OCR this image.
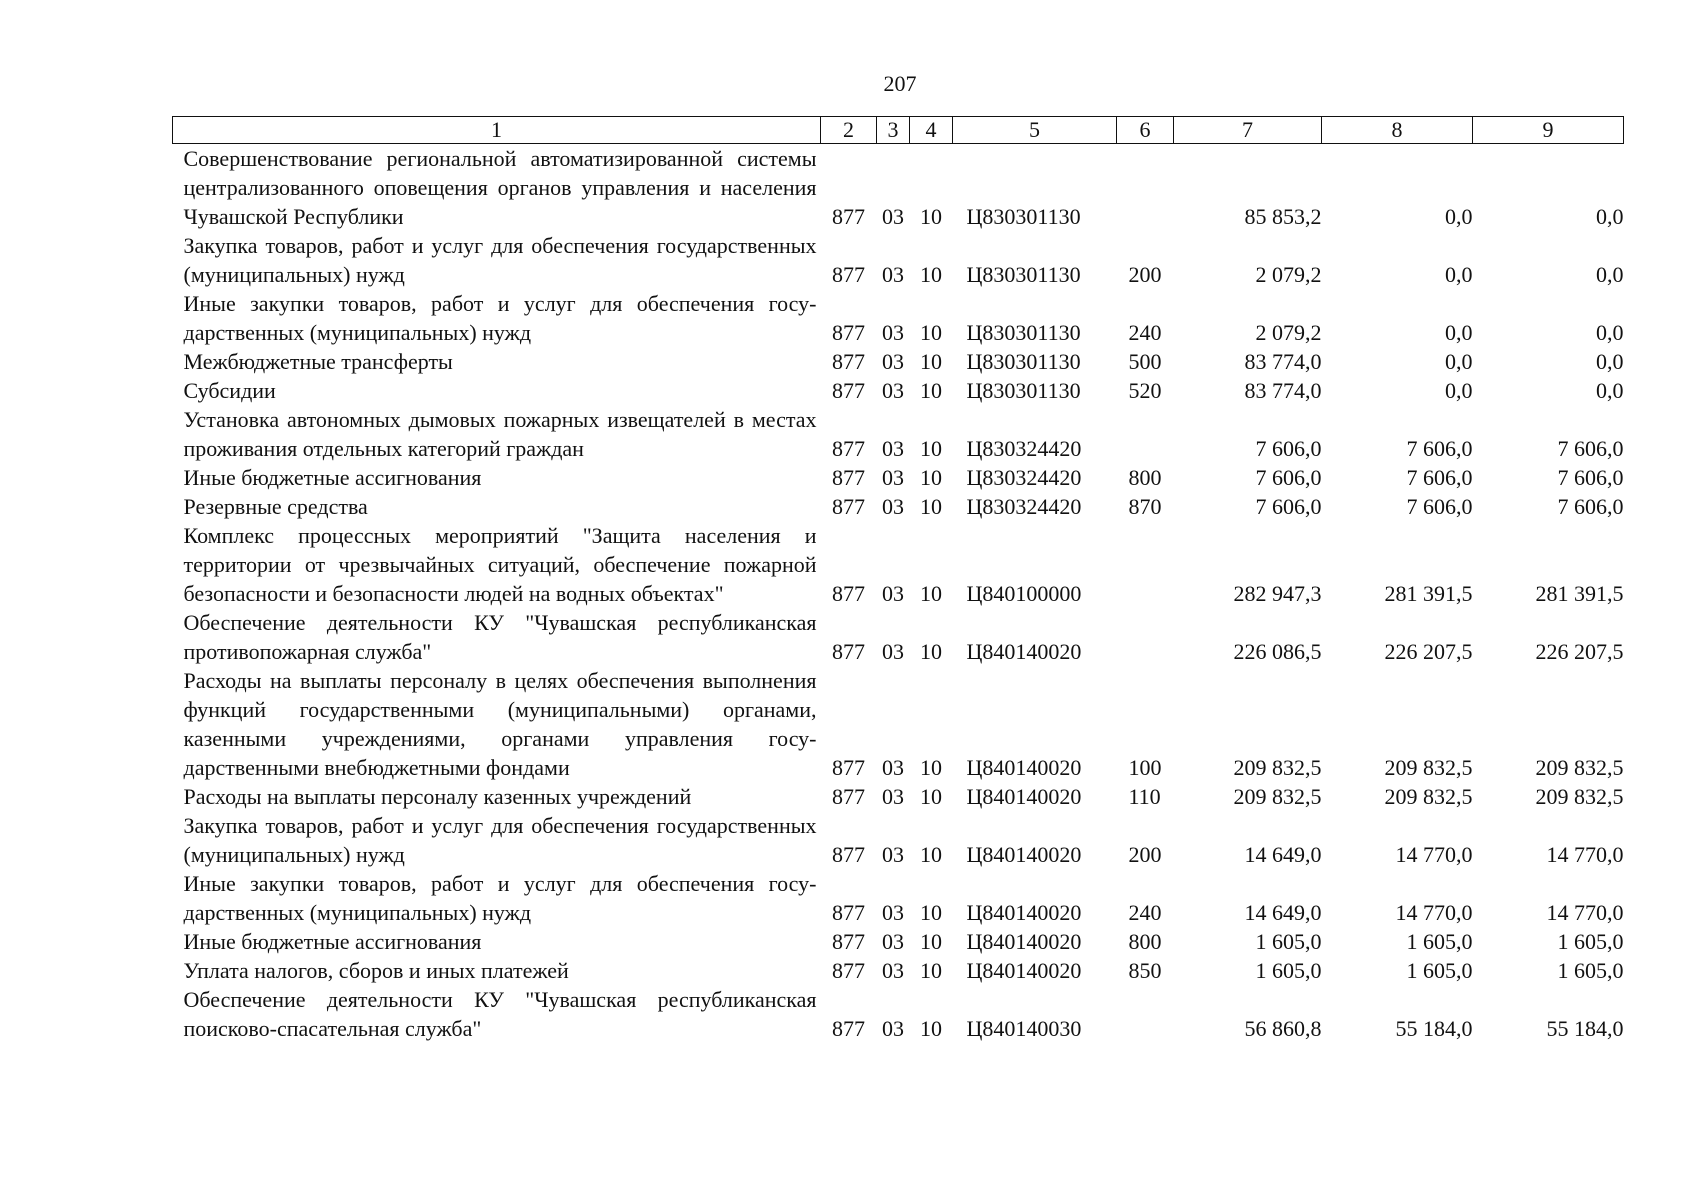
207
1	2	3	4	5	6	7	8	9
Совершенствование региональной автоматизированной системы централизованного оповещения органов управления и населения Чувашской Республики	877	03	10	Ц830301130		85 853,2	0,0	0,0
Закупка товаров, работ и услуг для обеспечения государственных (муниципальных) нужд	877	03	10	Ц830301130	200	2 079,2	0,0	0,0
Иные закупки товаров, работ и услуг для обеспечения государственных (муниципальных) нужд	877	03	10	Ц830301130	240	2 079,2	0,0	0,0
Межбюджетные трансферты	877	03	10	Ц830301130	500	83 774,0	0,0	0,0
Субсидии	877	03	10	Ц830301130	520	83 774,0	0,0	0,0
Установка автономных дымовых пожарных извещателей в местах проживания отдельных категорий граждан	877	03	10	Ц830324420		7 606,0	7 606,0	7 606,0
Иные бюджетные ассигнования	877	03	10	Ц830324420	800	7 606,0	7 606,0	7 606,0
Резервные средства	877	03	10	Ц830324420	870	7 606,0	7 606,0	7 606,0
Комплекс процессных мероприятий "Защита населения и территории от чрезвычайных ситуаций, обеспечение пожарной безопасности и безопасности людей на водных объектах"	877	03	10	Ц840100000		282 947,3	281 391,5	281 391,5
Обеспечение деятельности КУ "Чувашская республиканская противопожарная служба"	877	03	10	Ц840140020		226 086,5	226 207,5	226 207,5
Расходы на выплаты персоналу в целях обеспечения выполнения функций государственными (муниципальными) органами, казенными учреждениями, органами управления государственными внебюджетными фондами	877	03	10	Ц840140020	100	209 832,5	209 832,5	209 832,5
Расходы на выплаты персоналу казенных учреждений	877	03	10	Ц840140020	110	209 832,5	209 832,5	209 832,5
Закупка товаров, работ и услуг для обеспечения государственных (муниципальных) нужд	877	03	10	Ц840140020	200	14 649,0	14 770,0	14 770,0
Иные закупки товаров, работ и услуг для обеспечения государственных (муниципальных) нужд	877	03	10	Ц840140020	240	14 649,0	14 770,0	14 770,0
Иные бюджетные ассигнования	877	03	10	Ц840140020	800	1 605,0	1 605,0	1 605,0
Уплата налогов, сборов и иных платежей	877	03	10	Ц840140020	850	1 605,0	1 605,0	1 605,0
Обеспечение деятельности КУ "Чувашская республиканская поисково-спасательная служба"	877	03	10	Ц840140030		56 860,8	55 184,0	55 184,0
